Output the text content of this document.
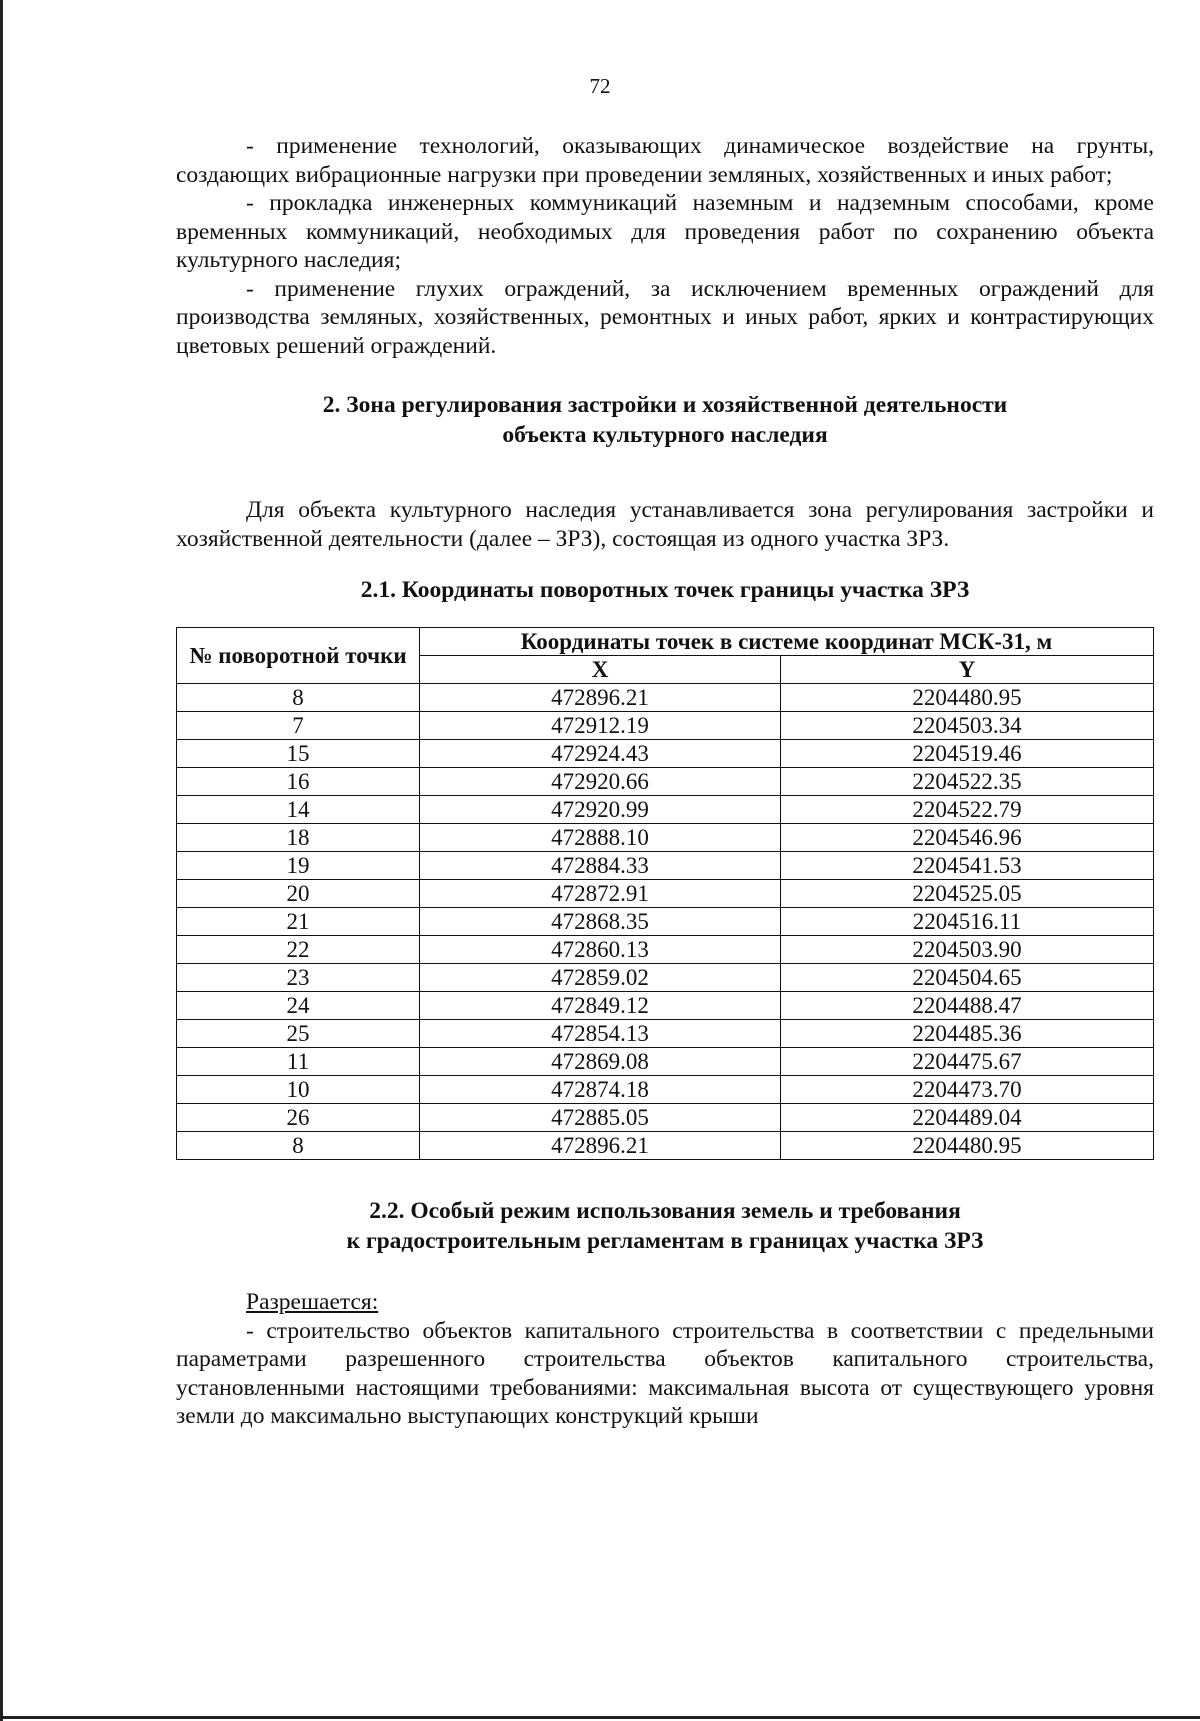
72

- применение технологий, оказывающих динамическое воздействие на грунты, создающих вибрационные нагрузки при проведении земляных, хозяйственных и иных работ;

- прокладка инженерных коммуникаций наземным и надземным способами, кроме временных коммуникаций, необходимых для проведения работ по сохранению объекта культурного наследия;

- применение глухих ограждений, за исключением временных ограждений для производства земляных, хозяйственных, ремонтных и иных работ, ярких и контрастирующих цветовых решений ограждений.

2. Зона регулирования застройки и хозяйственной деятельности
объекта культурного наследия

Для объекта культурного наследия устанавливается зона регулирования застройки и хозяйственной деятельности (далее – ЗРЗ), состоящая из одного участка ЗРЗ.

2.1. Координаты поворотных точек границы участка ЗРЗ

№ поворотной точки	Координаты точек в системе координат МСК-31, м	
	X	Y
8	472896.21	2204480.95
7	472912.19	2204503.34
15	472924.43	2204519.46
16	472920.66	2204522.35
14	472920.99	2204522.79
18	472888.10	2204546.96
19	472884.33	2204541.53
20	472872.91	2204525.05
21	472868.35	2204516.11
22	472860.13	2204503.90
23	472859.02	2204504.65
24	472849.12	2204488.47
25	472854.13	2204485.36
11	472869.08	2204475.67
10	472874.18	2204473.70
26	472885.05	2204489.04
8	472896.21	2204480.95

2.2. Особый режим использования земель и требования
к градостроительным регламентам в границах участка ЗРЗ

Разрешается:

- строительство объектов капитального строительства в соответствии с предельными параметрами разрешенного строительства объектов капитального строительства, установленными настоящими требованиями: максимальная высота от существующего уровня земли до максимально выступающих конструкций крыши
